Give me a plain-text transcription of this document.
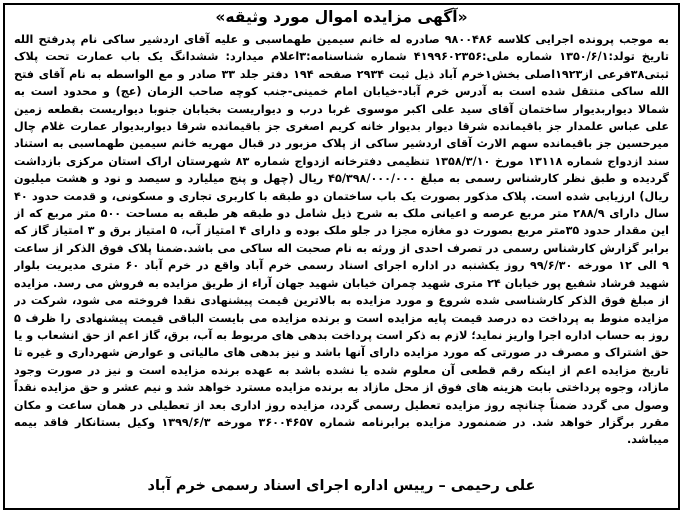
«آگهی مزایده اموال مورد وثیقه»

به موجب پرونده اجرایی کلاسه ۹۸۰۰۴۸۶ صادره له خانم سیمین طهماسبی و علیه آقای اردشیر ساکی نام پدرفتح الله تاریخ تولد:۱۳۵۰/۶/۱ شماره ملی:۴۱۹۹۶۰۲۳۵۶ شماره شناسنامه:۳اعلام میدارد: ششدانگ یک باب عمارت تحت پلاک ثبتی۳۸فرعی از۱۹۲۳اصلی بخش۱خرم آباد ذیل ثبت ۲۹۳۴ صفحه ۱۹۴ دفتر جلد ۳۳ صادر و مع الواسطه به نام آقای فتح الله ساکی منتقل شده است به آدرس خرم آباد-خیابان امام خمینی-جنب کوچه صاحب الزمان (عج) و محدود است به شمالا دیواربدیوار ساختمان آقای سید علی اکبر موسوی غربا درب و دیواریست بخیابان جنوبا دیواریست بقطعه زمین علی عباس علمدار جز باقیمانده شرقا دیوار بدیوار خانه کریم اصغری جز باقیمانده شرقا دیواربدیوار عمارت غلام چال میرحسین جز باقیمانده سهم الارث آقای اردشیر ساکی از پلاک مزبور در قبال مهریه خانم سیمین طهماسبی به استناد سند ازدواج شماره ۱۳۱۱۸ مورخ ۱۳۵۸/۳/۱۰ تنظیمی دفترخانه ازدواج شماره ۸۳ شهرستان اراک استان مرکزی بازداشت گردیده و طبق نظر کارشناس رسمی به مبلغ ۴۵/۳۹۸/۰۰۰/۰۰۰ ریال (چهل و پنج میلیارد و سیصد و نود و هشت میلیون ریال) ارزیابی شده است. پلاک مذکور بصورت یک باب ساختمان دو طبقه با کاربری تجاری و مسکونی، و قدمت حدود ۴۰ سال دارای ۲۸۸/۹ متر مربع عرصه و اعیانی ملک به شرح ذیل شامل دو طبقه هر طبقه به مساحت ۵۰۰ متر مربع که از این مقدار حدود ۳۵متر مربع بصورت دو مغازه مجزا در جلو ملک بوده و دارای ۴ امتیاز آب، ۵ امتیاز برق و ۳ امتیاز گاز که برابر گزارش کارشناس رسمی در تصرف احدی از ورثه به نام صحبت اله ساکی می باشد.ضمنا پلاک فوق الذکر از ساعت ۹ الی ۱۲ مورخه ۹۹/۶/۳۰ روز یکشنبه در اداره اجرای اسناد رسمی خرم آباد واقع در خرم آباد ۶۰ متری مدیریت بلوار شهید فرشاد شفیع پور خیابان ۲۴ متری شهید چمران خیابان شهید جهان آراء از طریق مزایده به فروش می رسد. مزایده از مبلغ فوق الذکر کارشناسی شده شروع و مورد مزایده به بالاترین قیمت پیشنهادی نقدا فروخته می شود، شرکت در مزایده منوط به پرداخت ده درصد قیمت پایه مزایده است و برنده مزایده می بایست الباقی قیمت پیشنهادی را ظرف ۵ روز به حساب اداره اجرا واریز نماید؛ لازم به ذکر است پرداخت بدهی های مربوط به آب، برق، گاز اعم از حق انشعاب و یا حق اشتراک و مصرف در صورتی که مورد مزایده دارای آنها باشد و نیز بدهی های مالیاتی و عوارض شهرداری و غیره تا تاریخ مزایده اعم از اینکه رقم قطعی آن معلوم شده یا نشده باشد به عهده برنده مزایده است و نیز در صورت وجود مازاد، وجوه پرداختی بابت هزینه های فوق از محل مازاد به برنده مزایده مسترد خواهد شد و نیم عشر و حق مزایده نقداً وصول می گردد ضمناً چنانچه روز مزایده تعطیل رسمی گردد، مزایده روز اداری بعد از تعطیلی در همان ساعت و مکان مقرر برگزار خواهد شد. در ضمنمورد مزایده برابرنامه شماره ۳۶۰۰۴۶۵۷ مورخه ۱۳۹۹/۶/۳ وکیل بستانکار فاقد بیمه میباشد.

علی رحیمی – رییس اداره اجرای اسناد رسمی خرم آباد
